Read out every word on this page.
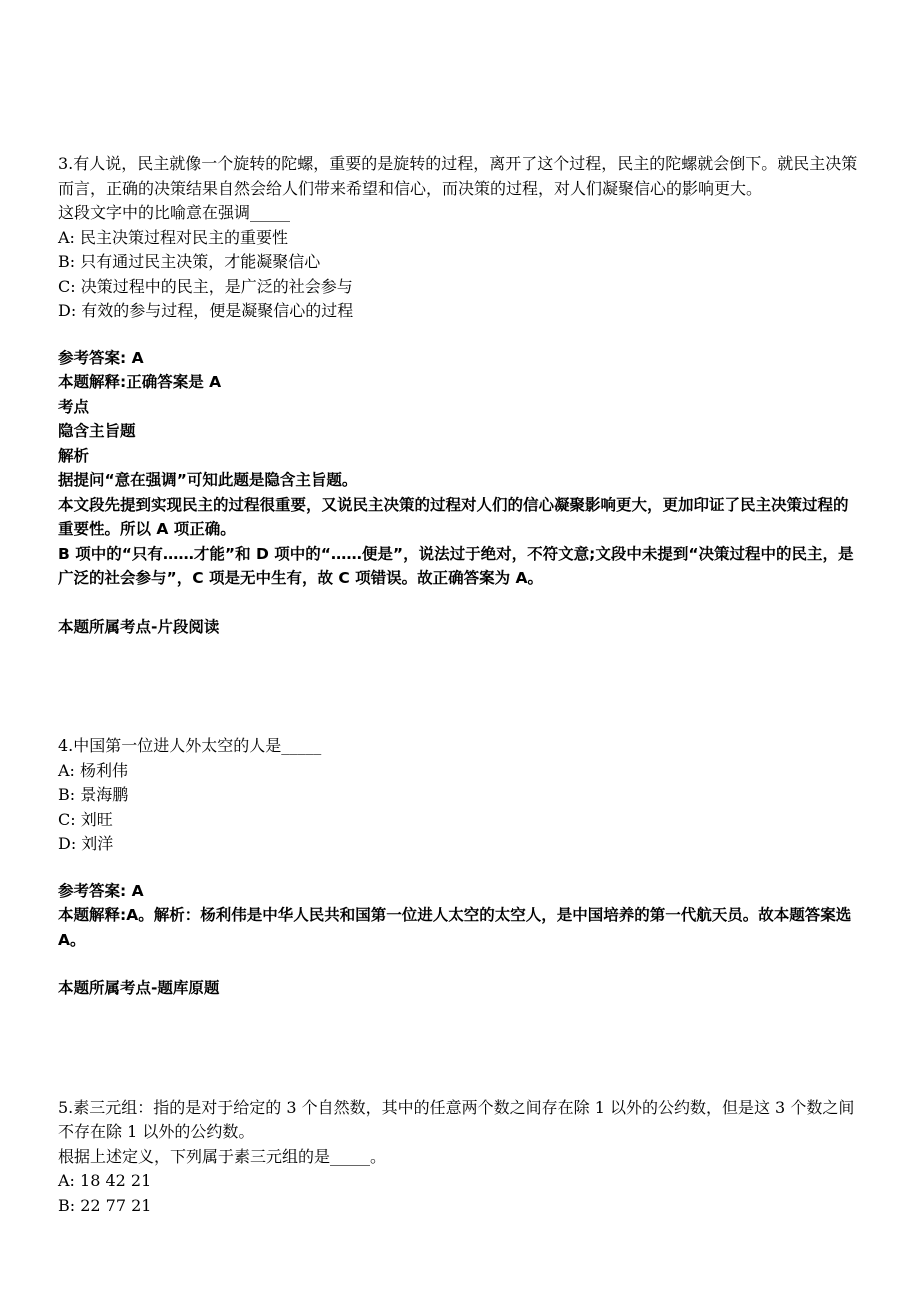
3.有人说，民主就像一个旋转的陀螺，重要的是旋转的过程，离开了这个过程，民主的陀螺就会倒下。就民主决策而言，正确的决策结果自然会给人们带来希望和信心，而决策的过程，对人们凝聚信心的影响更大。

这段文字中的比喻意在强调_____

A: 民主决策过程对民主的重要性

B: 只有通过民主决策，才能凝聚信心

C: 决策过程中的民主，是广泛的社会参与

D: 有效的参与过程，便是凝聚信心的过程

参考答案: A

本题解释:正确答案是 A

考点

隐含主旨题

解析

据提问“意在强调”可知此题是隐含主旨题。

本文段先提到实现民主的过程很重要，又说民主决策的过程对人们的信心凝聚影响更大，更加印证了民主决策过程的重要性。所以 A 项正确。

B 项中的“只有……才能”和 D 项中的“……便是”，说法过于绝对，不符文意;文段中未提到“决策过程中的民主，是广泛的社会参与”，C 项是无中生有，故 C 项错误。故正确答案为 A。

本题所属考点-片段阅读

4.中国第一位进人外太空的人是_____

A: 杨利伟

B: 景海鹏

C: 刘旺

D: 刘洋

参考答案: A

本题解释:A。解析：杨利伟是中华人民共和国第一位进人太空的太空人，是中国培养的第一代航天员。故本题答案选 A。

本题所属考点-题库原题

5.素三元组：指的是对于给定的 3 个自然数，其中的任意两个数之间存在除 1 以外的公约数，但是这 3 个数之间不存在除 1 以外的公约数。

根据上述定义，下列属于素三元组的是_____。

A: 18 42 21

B: 22 77 21
